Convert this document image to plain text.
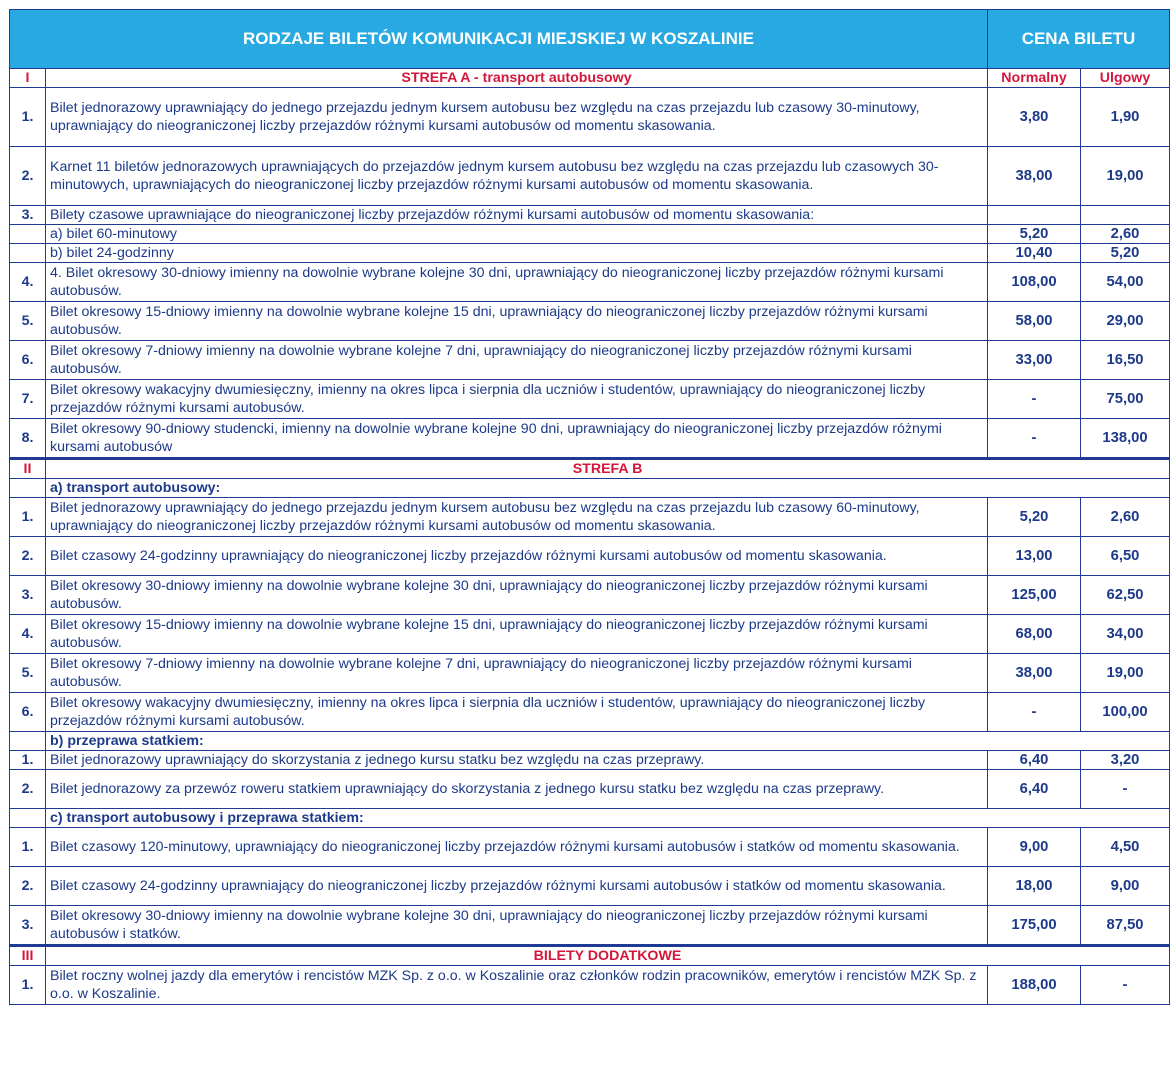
RODZAJE BILETÓW KOMUNIKACJI MIEJSKIEJ W KOSZALINIE		CENA BILETU	
I	STREFA A - transport autobusowy	Normalny	Ulgowy
1.	Bilet jednorazowy uprawniający do jednego przejazdu jednym kursem autobusu bez względu na czas przejazdu lub czasowy 30-minutowy, uprawniający do nieograniczonej liczby przejazdów różnymi kursami autobusów od momentu skasowania.	3,80	1,90
2.	Karnet 11 biletów jednorazowych uprawniających do przejazdów jednym kursem autobusu bez względu na czas przejazdu lub czasowych 30-minutowych, uprawniających do nieograniczonej liczby przejazdów różnymi kursami autobusów od momentu skasowania.	38,00	19,00
3.	Bilety czasowe uprawniające do nieograniczonej liczby przejazdów różnymi kursami autobusów od momentu skasowania:		
	a) bilet 60-minutowy	5,20	2,60
	b) bilet 24-godzinny	10,40	5,20
4.	4. Bilet okresowy 30-dniowy imienny na dowolnie wybrane kolejne 30 dni, uprawniający do nieograniczonej liczby przejazdów różnymi kursami autobusów.	108,00	54,00
5.	Bilet okresowy 15-dniowy imienny na dowolnie wybrane kolejne 15 dni, uprawniający do nieograniczonej liczby przejazdów różnymi kursami autobusów.	58,00	29,00
6.	Bilet okresowy 7-dniowy imienny na dowolnie wybrane kolejne 7 dni, uprawniający do nieograniczonej liczby przejazdów różnymi kursami autobusów.	33,00	16,50
7.	Bilet okresowy wakacyjny dwumiesięczny, imienny na okres lipca i sierpnia dla uczniów i studentów, uprawniający do nieograniczonej liczby przejazdów różnymi kursami autobusów.	-	75,00
8.	Bilet okresowy 90-dniowy studencki, imienny na dowolnie wybrane kolejne 90 dni, uprawniający do nieograniczonej liczby przejazdów różnymi kursami autobusów	-	138,00
II	STREFA B		
	a) transport autobusowy:		
1.	Bilet jednorazowy uprawniający do jednego przejazdu jednym kursem autobusu bez względu na czas przejazdu lub czasowy 60-minutowy, uprawniający do nieograniczonej liczby przejazdów różnymi kursami autobusów od momentu skasowania.	5,20	2,60
2.	Bilet czasowy 24-godzinny uprawniający do nieograniczonej liczby przejazdów różnymi kursami autobusów od momentu skasowania.	13,00	6,50
3.	Bilet okresowy 30-dniowy imienny na dowolnie wybrane kolejne 30 dni, uprawniający do nieograniczonej liczby przejazdów różnymi kursami autobusów.	125,00	62,50
4.	Bilet okresowy 15-dniowy imienny na dowolnie wybrane kolejne 15 dni, uprawniający do nieograniczonej liczby przejazdów różnymi kursami autobusów.	68,00	34,00
5.	Bilet okresowy 7-dniowy imienny na dowolnie wybrane kolejne 7 dni, uprawniający do nieograniczonej liczby przejazdów różnymi kursami autobusów.	38,00	19,00
6.	Bilet okresowy wakacyjny dwumiesięczny, imienny na okres lipca i sierpnia dla uczniów i studentów, uprawniający do nieograniczonej liczby przejazdów różnymi kursami autobusów.	-	100,00
	b) przeprawa statkiem:		
1.	Bilet jednorazowy uprawniający do skorzystania z jednego kursu statku bez względu na czas przeprawy.	6,40	3,20
2.	Bilet jednorazowy za przewóz roweru statkiem uprawniający do skorzystania z jednego kursu statku bez względu na czas przeprawy.	6,40	-
	c) transport autobusowy i przeprawa statkiem:		
1.	Bilet czasowy 120-minutowy, uprawniający do nieograniczonej liczby przejazdów różnymi kursami autobusów i statków od momentu skasowania.	9,00	4,50
2.	Bilet czasowy 24-godzinny uprawniający do nieograniczonej liczby przejazdów różnymi kursami autobusów i statków od momentu skasowania.	18,00	9,00
3.	Bilet okresowy 30-dniowy imienny na dowolnie wybrane kolejne 30 dni, uprawniający do nieograniczonej liczby przejazdów różnymi kursami autobusów i statków.	175,00	87,50
III	BILETY DODATKOWE		
1.	Bilet roczny wolnej jazdy dla emerytów i rencistów MZK Sp. z o.o. w Koszalinie oraz członków rodzin pracowników, emerytów i rencistów MZK Sp. z o.o. w Koszalinie.	188,00	-
